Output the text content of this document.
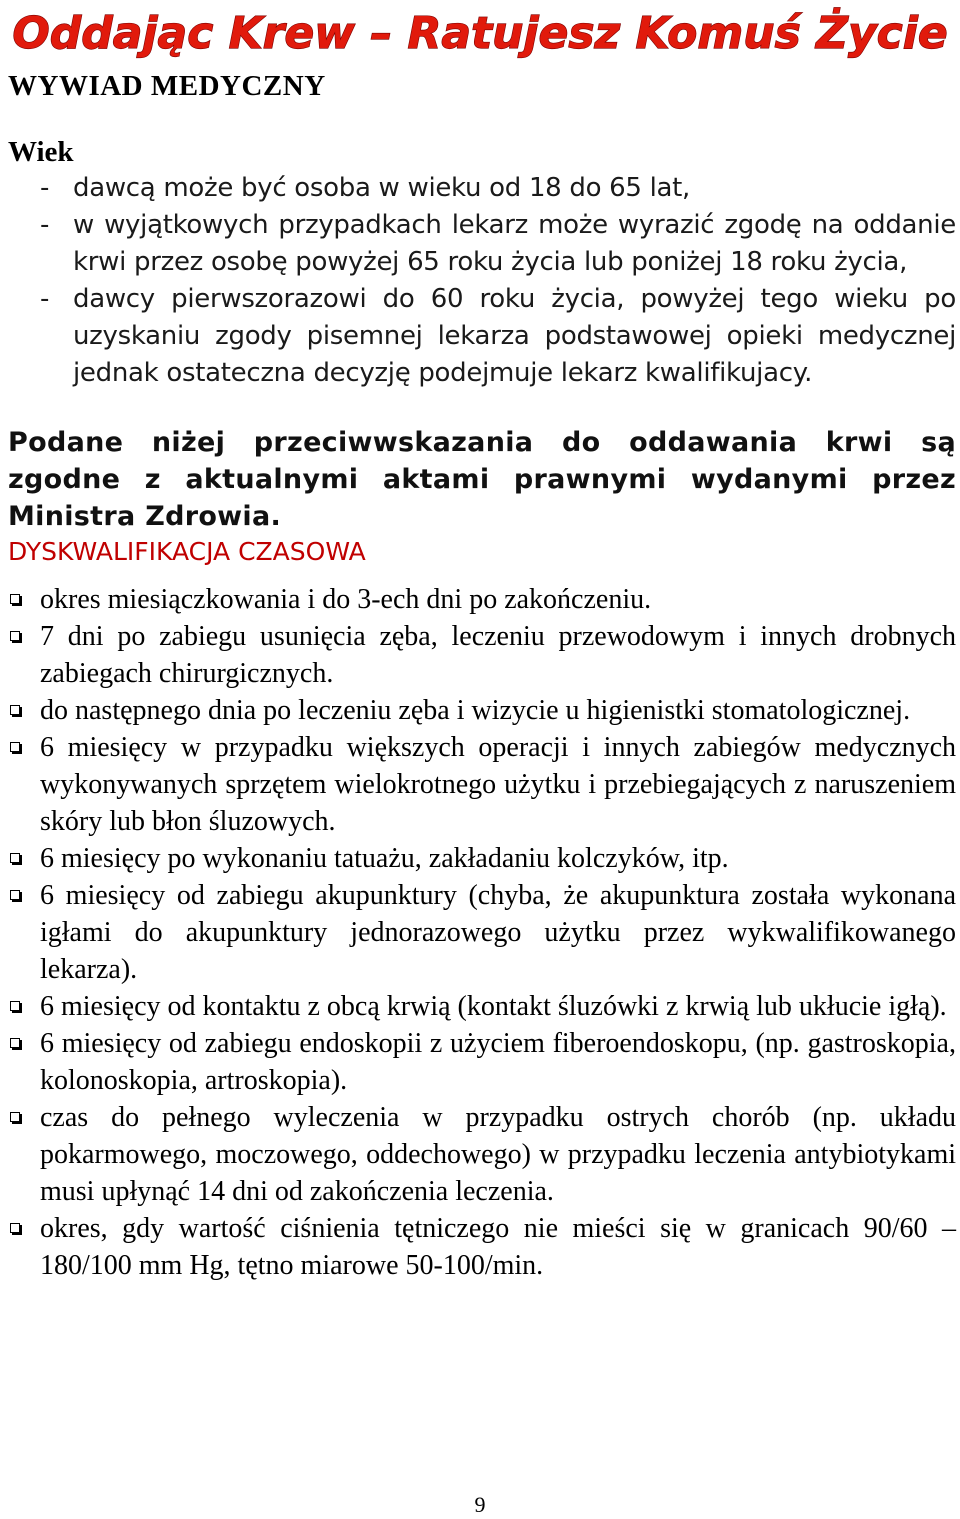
Oddając Krew – Ratujesz Komuś Życie
WYWIAD MEDYCZNY
Wiek
- dawcą może być osoba w wieku od 18 do 65 lat,
- w wyjątkowych przypadkach lekarz może wyrazić zgodę na oddanie krwi przez osobę powyżej 65 roku życia lub poniżej 18 roku życia,
- dawcy pierwszorazowi do 60 roku życia, powyżej tego wieku po uzyskaniu zgody pisemnej lekarza podstawowej opieki medycznej jednak ostateczna decyzję podejmuje lekarz kwalifikujacy.

Podane niżej przeciwwskazania do oddawania krwi są zgodne z aktualnymi aktami prawnymi wydanymi przez Ministra Zdrowia.

DYSKWALIFIKACJA CZASOWA
okres miesiączkowania i do 3-ech dni po zakończeniu.
7 dni po zabiegu usunięcia zęba, leczeniu przewodowym i innych drobnych zabiegach chirurgicznych.
do następnego dnia po leczeniu zęba i wizycie u higienistki stomatologicznej.
6 miesięcy w przypadku większych operacji i innych zabiegów medycznych wykonywanych sprzętem wielokrotnego użytku i przebiegających z naruszeniem skóry lub błon śluzowych.
6 miesięcy po wykonaniu tatuażu, zakładaniu kolczyków, itp.
6 miesięcy od zabiegu akupunktury (chyba, że akupunktura została wykonana igłami do akupunktury jednorazowego użytku przez wykwalifikowanego lekarza).
6 miesięcy od kontaktu z obcą krwią (kontakt śluzówki z krwią lub ukłucie igłą).
6 miesięcy od zabiegu endoskopii z użyciem fiberoendoskopu, (np. gastroskopia, kolonoskopia, artroskopia).
czas do pełnego wyleczenia w przypadku ostrych chorób (np. układu pokarmowego, moczowego, oddechowego) w przypadku leczenia antybiotykami musi upłynąć 14 dni od zakończenia leczenia.
okres, gdy wartość ciśnienia tętniczego nie mieści się w granicach 90/60 – 180/100 mm Hg, tętno miarowe 50-100/min.
9
